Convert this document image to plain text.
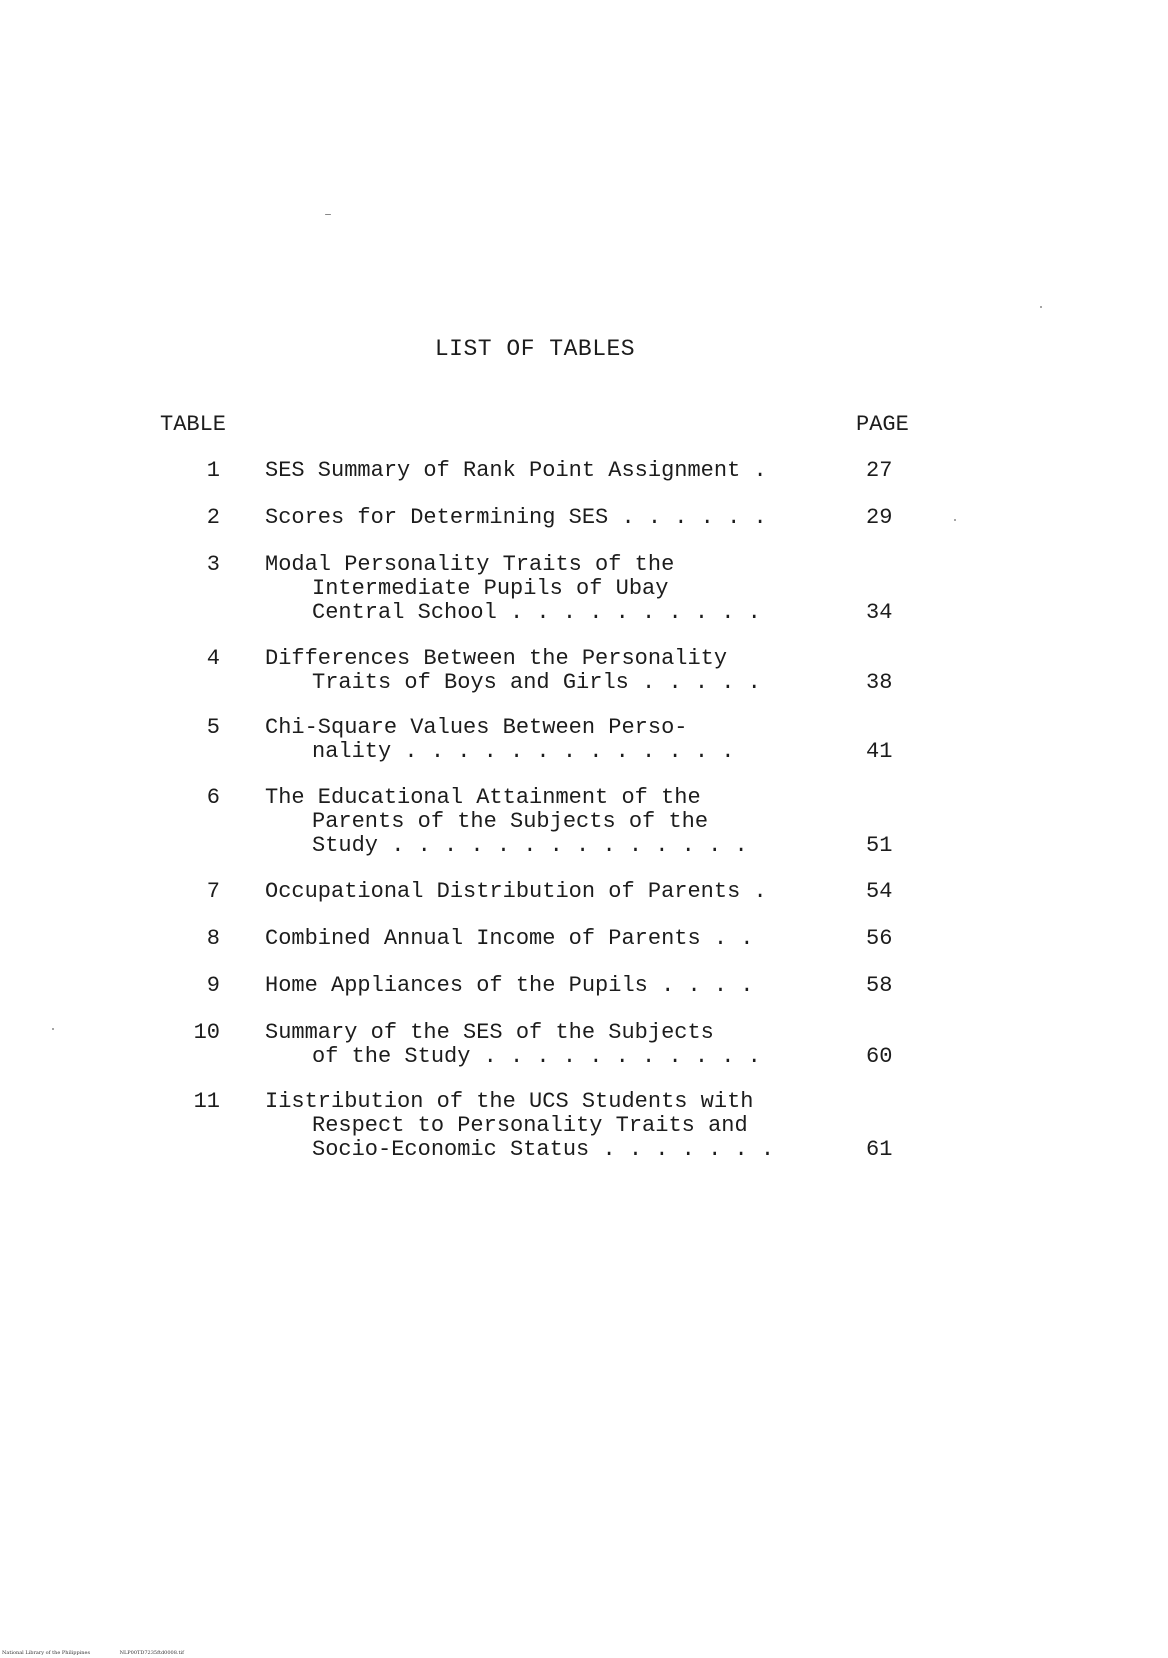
LIST OF TABLES
TABLE	PAGE
1 SES Summary of Rank Point Assignment .	27
2 Scores for Determining SES . . . . . .	29
3 Modal Personality Traits of the
Intermediate Pupils of Ubay
Central School . . . . . . . . . .	34
4 Differences Between the Personality
Traits of Boys and Girls . . . . .	38
5 Chi-Square Values Between Perso-
nality . . . . . . . . . . . . .	41
6 The Educational Attainment of the
Parents of the Subjects of the
Study . . . . . . . . . . . . . .	51
7 Occupational Distribution of Parents .	54
8 Combined Annual Income of Parents . .	56
9 Home Appliances of the Pupils . . . .	58
10 Summary of the SES of the Subjects
of the Study . . . . . . . . . . .	60
11 Iistribution of the UCS Students with
Respect to Personality Traits and
Socio-Economic Status . . . . . . .	61
National Library of the Philippines	NLP00TD7235ftd0008.tif
